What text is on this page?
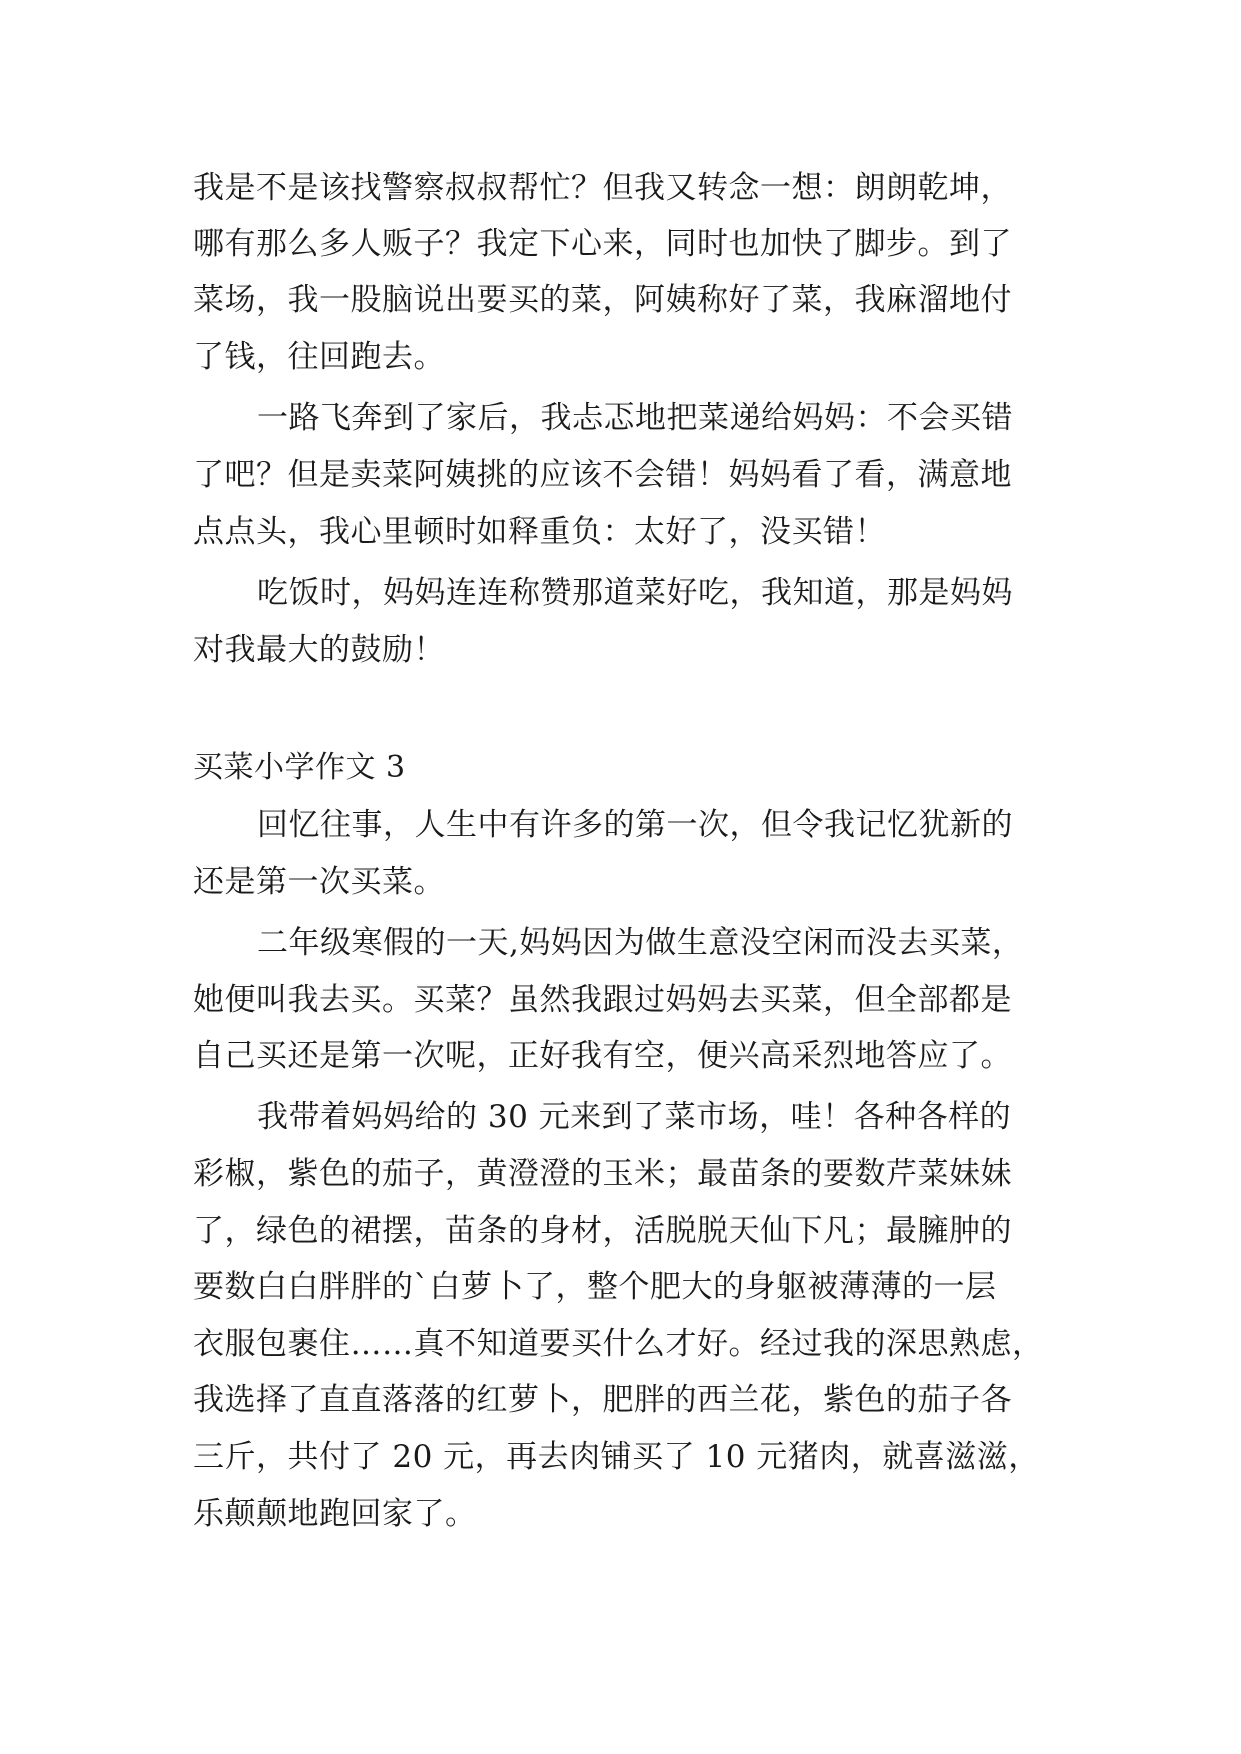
我是不是该找警察叔叔帮忙？但我又转念一想：朗朗乾坤，
哪有那么多人贩子？我定下心来，同时也加快了脚步。到了
菜场，我一股脑说出要买的菜，阿姨称好了菜，我麻溜地付
了钱，往回跑去。
一路飞奔到了家后，我忐忑地把菜递给妈妈：不会买错
了吧？但是卖菜阿姨挑的应该不会错！妈妈看了看，满意地
点点头，我心里顿时如释重负：太好了，没买错！
吃饭时，妈妈连连称赞那道菜好吃，我知道，那是妈妈
对我最大的鼓励！
买菜小学作文 3
回忆往事，人生中有许多的第一次，但令我记忆犹新的
还是第一次买菜。
二年级寒假的一天,妈妈因为做生意没空闲而没去买菜，
她便叫我去买。买菜？虽然我跟过妈妈去买菜，但全部都是
自己买还是第一次呢，正好我有空，便兴高采烈地答应了。
我带着妈妈给的 30 元来到了菜市场，哇！各种各样的
彩椒，紫色的茄子，黄澄澄的玉米；最苗条的要数芹菜妹妹
了，绿色的裙摆，苗条的身材，活脱脱天仙下凡；最臃肿的
要数白白胖胖的`白萝卜了，整个肥大的身躯被薄薄的一层
衣服包裹住……真不知道要买什么才好。经过我的深思熟虑，
我选择了直直落落的红萝卜，肥胖的西兰花，紫色的茄子各
三斤，共付了 20 元，再去肉铺买了 10 元猪肉，就喜滋滋，
乐颠颠地跑回家了。
